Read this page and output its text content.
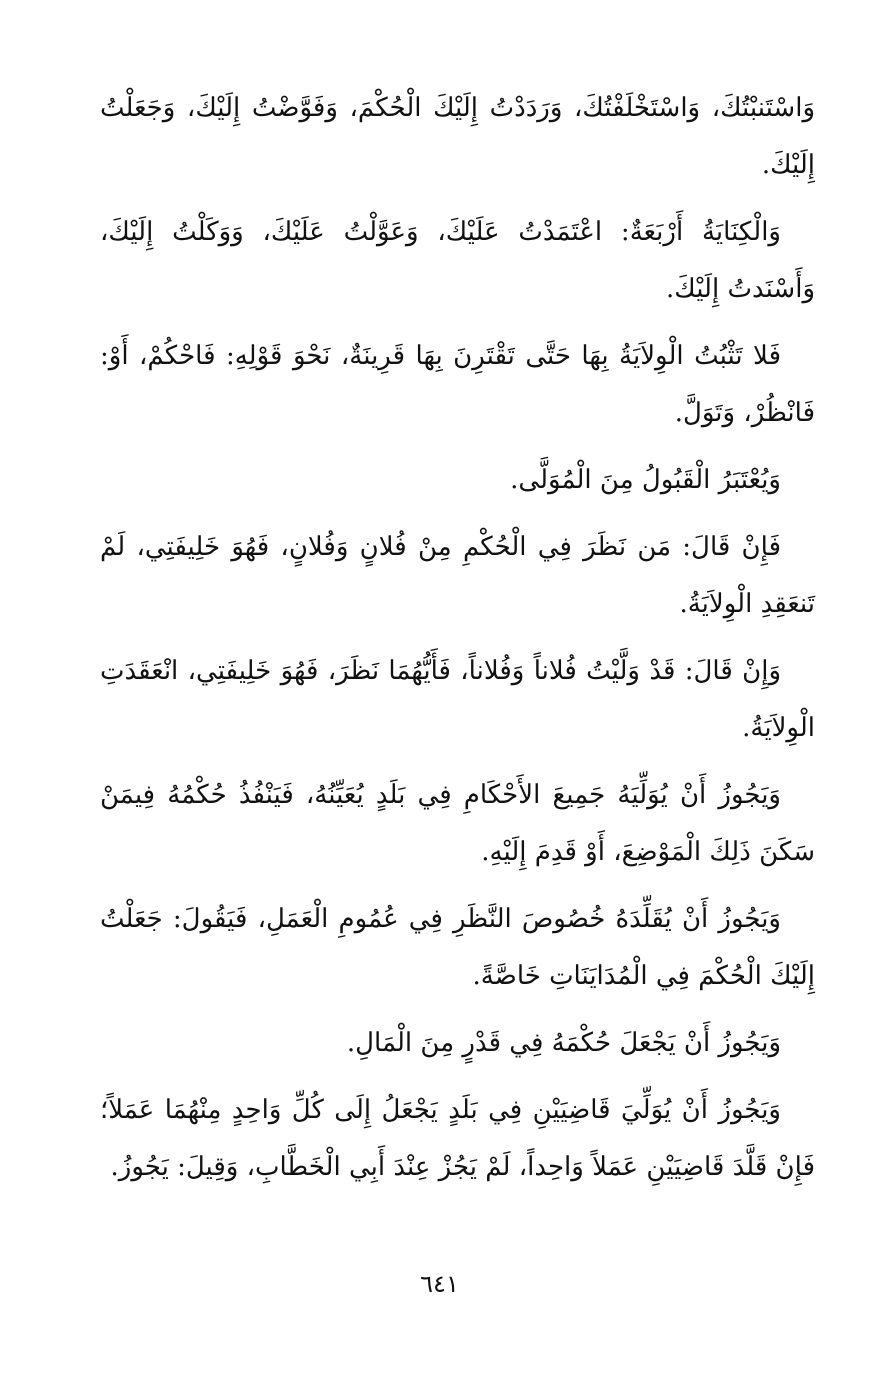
وَاسْتَنبْتُكَ، وَاسْتَخْلَفْتُكَ، وَرَدَدْتُ إِلَيْكَ الْحُكْمَ، وَفَوَّضْتُ إِلَيْكَ، وَجَعَلْتُ إِلَيْكَ.

وَالْكِنَايَةُ أَرْبَعَةٌ: اعْتَمَدْتُ عَلَيْكَ، وَعَوَّلْتُ عَلَيْكَ، وَوَكَلْتُ إِلَيْكَ، وَأَسْنَدتُ إِلَيْكَ.

فَلا تَثْبُتُ الْوِلاَيَةُ بِهَا حَتَّى تَقْتَرِنَ بِهَا قَرِينَةٌ، نَحْوَ قَوْلِهِ: فَاحْكُمْ، أَوْ: فَانْظُرْ، وَتَوَلَّ.

وَيُعْتَبَرُ الْقَبُولُ مِنَ الْمُوَلَّى.

فَإِنْ قَالَ: مَن نَظَرَ فِي الْحُكْمِ مِنْ فُلانٍ وَفُلانٍ، فَهُوَ خَلِيفَتِي، لَمْ تَنعَقِدِ الْوِلاَيَةُ.

وَإِنْ قَالَ: قَدْ وَلَّيْتُ فُلاناً وَفُلاناً، فَأَيُّهُمَا نَظَرَ، فَهُوَ خَلِيفَتِي، انْعَقَدَتِ الْوِلاَيَةُ.

وَيَجُوزُ أَنْ يُوَلِّيَهُ جَمِيعَ الأَحْكَامِ فِي بَلَدٍ يُعَيِّنُهُ، فَيَنْفُذُ حُكْمُهُ فِيمَنْ سَكَنَ ذَلِكَ الْمَوْضِعَ، أَوْ قَدِمَ إِلَيْهِ.

وَيَجُوزُ أَنْ يُقَلِّدَهُ خُصُوصَ النَّظَرِ فِي عُمُومِ الْعَمَلِ، فَيَقُولَ: جَعَلْتُ إِلَيْكَ الْحُكْمَ فِي الْمُدَايَنَاتِ خَاصَّةً.

وَيَجُوزُ أَنْ يَجْعَلَ حُكْمَهُ فِي قَدْرٍ مِنَ الْمَالِ.

وَيَجُوزُ أَنْ يُوَلِّيَ قَاضِيَيْنِ فِي بَلَدٍ يَجْعَلُ إِلَى كُلِّ وَاحِدٍ مِنْهُمَا عَمَلاً؛ فَإِنْ قَلَّدَ قَاضِيَيْنِ عَمَلاً وَاحِداً، لَمْ يَجُزْ عِنْدَ أَبِي الْخَطَّابِ، وَقِيلَ: يَجُوزُ.

٦٤١
